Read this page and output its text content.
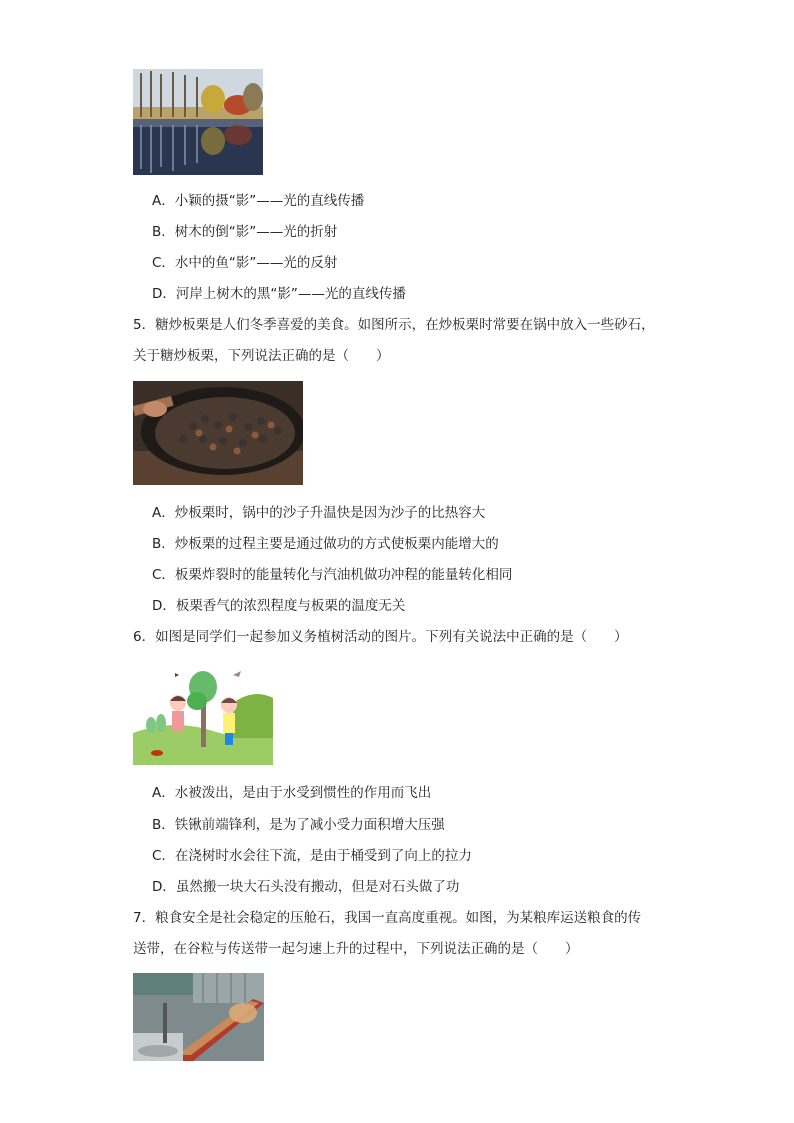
A．小颖的摄“影”——光的直线传播
B．树木的倒“影”——光的折射
C．水中的鱼“影”——光的反射
D．河岸上树木的黑“影”——光的直线传播
5．糖炒板栗是人们冬季喜爱的美食。如图所示，在炒板栗时常要在锅中放入一些砂石，
关于糖炒板栗，下列说法正确的是（　　）
A．炒板栗时，锅中的沙子升温快是因为沙子的比热容大
B．炒板栗的过程主要是通过做功的方式使板栗内能增大的
C．板栗炸裂时的能量转化与汽油机做功冲程的能量转化相同
D．板栗香气的浓烈程度与板栗的温度无关
6．如图是同学们一起参加义务植树活动的图片。下列有关说法中正确的是（　　）
A．水被泼出，是由于水受到惯性的作用而飞出
B．铁锹前端锋利，是为了减小受力面积增大压强
C．在浇树时水会往下流，是由于桶受到了向上的拉力
D．虽然搬一块大石头没有搬动，但是对石头做了功
7．粮食安全是社会稳定的压舱石，我国一直高度重视。如图，为某粮库运送粮食的传
送带，在谷粒与传送带一起匀速上升的过程中，下列说法正确的是（　　）
